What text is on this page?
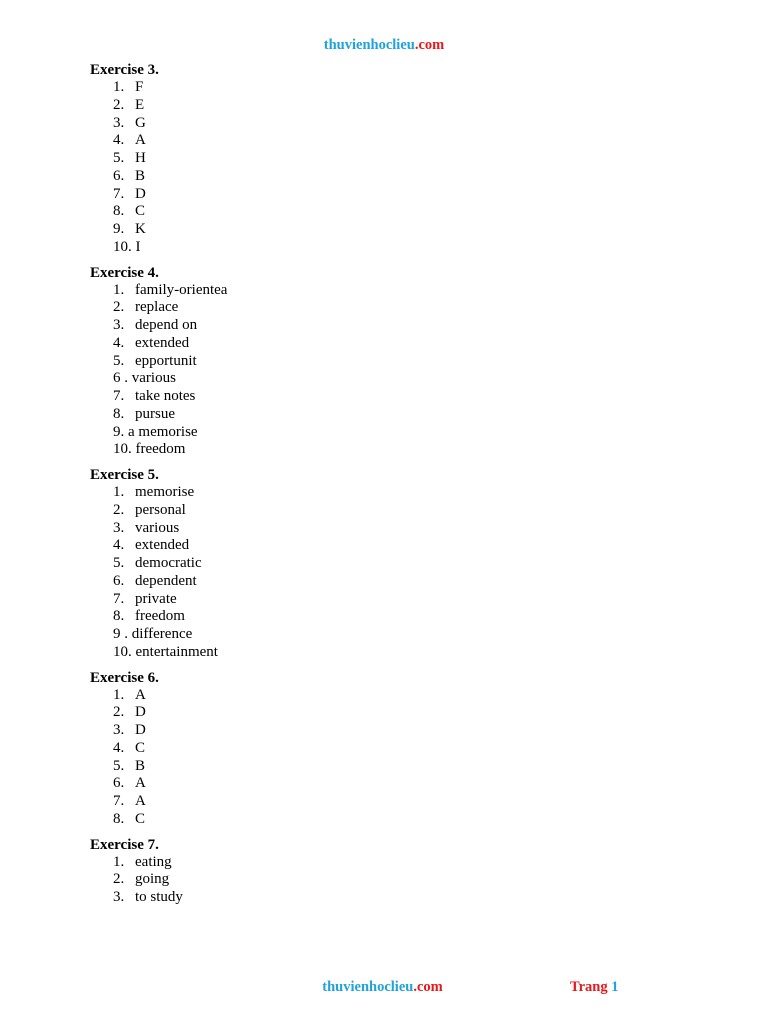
thuvienhoclieu.com
Exercise 3.
1. F
2. E
3. G
4. A
5. H
6. B
7. D
8. C
9. K
10. I
Exercise 4.
1. family-orientea
2. replace
3. depend on
4. extended
5. epportunit
6 . various
7. take notes
8. pursue
9. a memorise
10. freedom
Exercise 5.
1. memorise
2. personal
3. various
4. extended
5. democratic
6. dependent
7. private
8. freedom
9 . difference
10. entertainment
Exercise 6.
1. A
2. D
3. D
4. C
5. B
6. A
7. A
8. C
Exercise 7.
1. eating
2. going
3. to study
thuvienhoclieu.com	Trang 1
